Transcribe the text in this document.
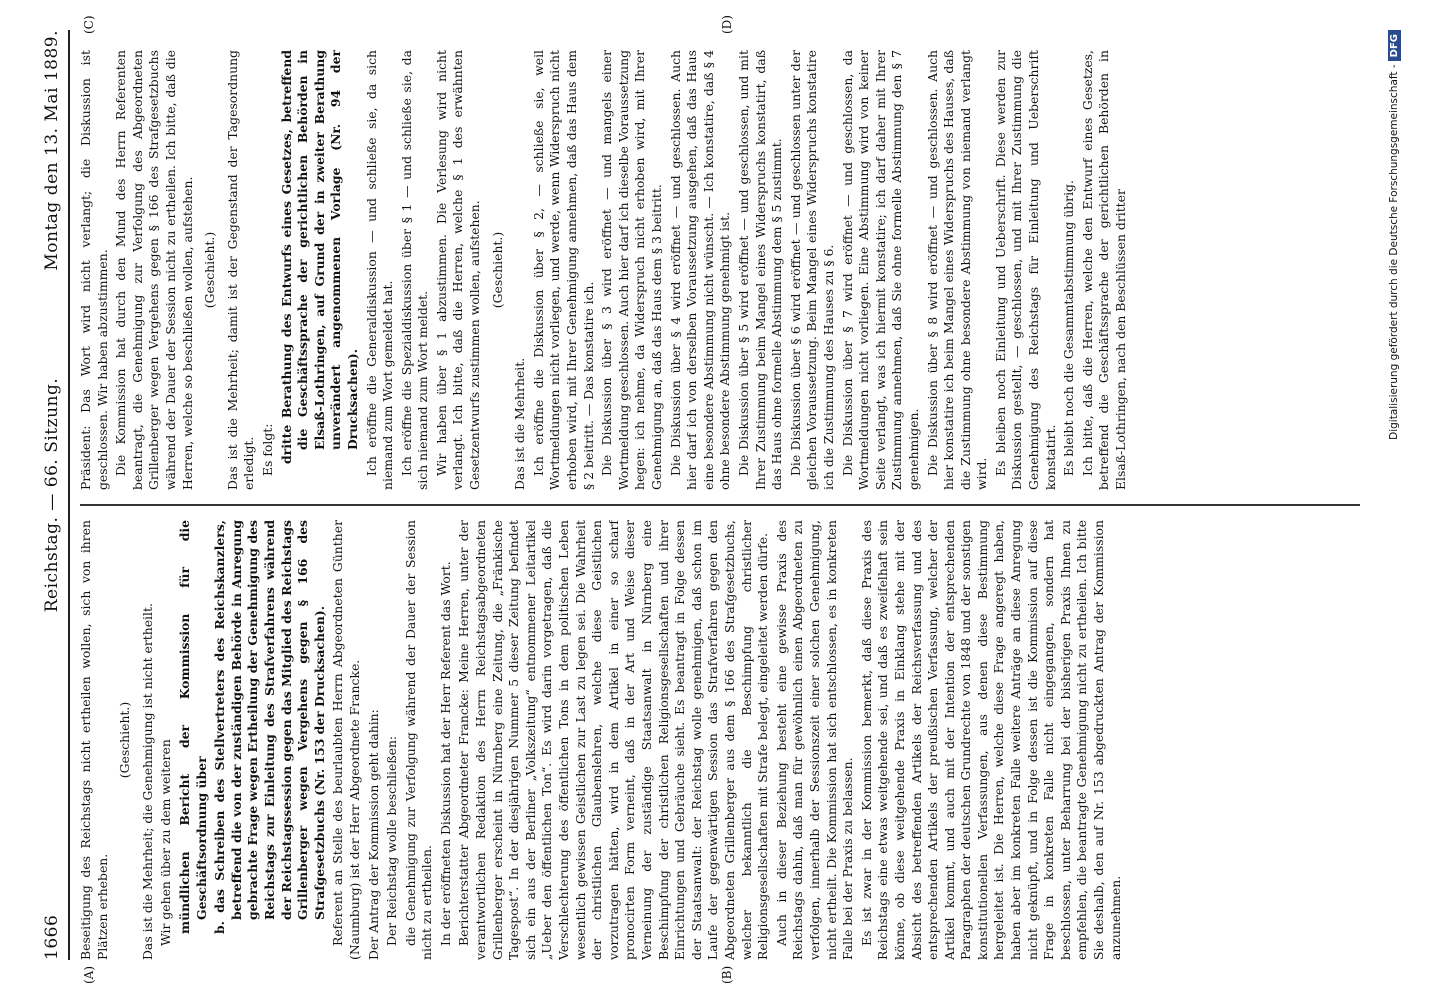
1666
Reichstag. — 66. Sitzung.
Montag den 13. Mai 1889.
(A)	(B)
(C)	(D)

Beseitigung des Reichstags nicht ertheilen wollen, sich von ihren Plätzen erheben.

(Geschieht.) Das ist die Mehrheit; die Genehmigung ist nicht ertheilt. Wir gehen über zu dem weiteren mündlichen Bericht der Kommission für die Geschäftsordnung über b. das Schreiben des Stellvertreters des Reichskanzlers, betreffend die von der zuständigen Behörde in Anregung gebrachte Frage wegen Ertheilung der Genehmigung des Reichstags zur Einleitung des Strafverfahrens während der Reichstagssession gegen das Mitglied des Reichstags Grillenberger wegen Vergehens gegen § 166 des Strafgesetzbuchs (Nr. 153 der Drucksachen). Referent an Stelle des beurlaubten Herrn Abgeordneten Günther (Naumburg) ist der Herr Abgeordnete Francke. Der Antrag der Kommission geht dahin: Der Reichstag wolle beschließen: die Genehmigung zur Verfolgung während der Dauer der Session nicht zu ertheilen. In der eröffneten Diskussion hat der Herr Referent das Wort. Berichterstatter Abgeordneter Francke: Meine Herren, unter der verantwortlichen Redaktion des Herrn Reichstagsabgeordneten Grillenberger erscheint in Nürnberg eine Zeitung, die „Fränkische Tagespost“. In der diesjährigen Nummer 5 dieser Zeitung befindet sich ein aus der Berliner „Volkszeitung“ entnommener Leitartikel „Ueber den öffentlichen Ton“. Es wird darin vorgetragen, daß die Verschlechterung des öffentlichen Tons in dem politischen Leben wesentlich gewissen Geistlichen zur Last zu legen sei. Die Wahrheit der christlichen Glaubenslehren, welche diese Geistlichen vorzutragen hätten, wird in dem Artikel in einer so scharf pronocirten Form verneint, daß in der Art und Weise dieser Verneinung der zuständige Staatsanwalt in Nürnberg eine Beschimpfung der christlichen Religionsgesellschaften und ihrer Einrichtungen und Gebräuche sieht. Es beantragt in Folge dessen der Staatsanwalt: der Reichstag wolle genehmigen, daß schon im Laufe der gegenwärtigen Session das Strafverfahren gegen den Abgeordneten Grillenberger aus dem § 166 des Strafgesetzbuchs, welcher bekanntlich die Beschimpfung christlicher Religionsgesellschaften mit Strafe belegt, eingeleitet werden dürfe. Auch in dieser Beziehung besteht eine gewisse Praxis des Reichstags dahin, daß man für gewöhnlich einen Abgeordneten zu verfolgen, innerhalb der Sessionszeit einer solchen Genehmigung, nicht ertheilt. Die Kommission hat sich entschlossen, es in konkreten Falle bei der Praxis zu belassen. Es ist zwar in der Kommission bemerkt, daß diese Praxis des Reichstags eine etwas weitgehende sei, und daß es zweifelhaft sein könne, ob diese weitgehende Praxis in Einklang stehe mit der Absicht des betreffenden Artikels der Reichsverfassung und des entsprechenden Artikels der preußischen Verfassung, welcher der Artikel kommt, und auch mit der Intention der entsprechenden Paragraphen der deutschen Grundrechte von 1848 und der sonstigen konstitutionellen Verfassungen, aus denen diese Bestimmung hergeleitet ist. Die Herren, welche diese Frage angeregt haben, haben aber im konkreten Falle weitere Anträge an diese Anregung nicht geknüpft, und in Folge dessen ist die Kommission auf diese Frage in konkreten Falle nicht eingegangen, sondern hat beschlossen, unter Beharrung bei der bisherigen Praxis Ihnen zu empfehlen, die beantragte Genehmigung nicht zu ertheilen. Ich bitte Sie deshalb, den auf Nr. 153 abgedruckten Antrag der Kommission anzunehmen.

Präsident: Das Wort wird nicht verlangt; die Diskussion ist geschlossen. Wir haben abzustimmen. Die Kommission hat durch den Mund des Herrn Referenten beantragt, die Genehmigung zur Verfolgung des Abgeordneten Grillenberger wegen Vergehens gegen § 166 des Strafgesetzbuchs während der Dauer der Session nicht zu ertheilen. Ich bitte, daß die Herren, welche so beschließen wollen, aufstehen. (Geschieht.) Das ist die Mehrheit; damit ist der Gegenstand der Tagesordnung erledigt. Es folgt: dritte Berathung des Entwurfs eines Gesetzes, betreffend die Geschäftssprache der gerichtlichen Behörden in Elsaß-Lothringen, auf Grund der in zweiter Berathung unverändert angenommenen Vorlage (Nr. 94 der Drucksachen). Ich eröffne die Generaldiskussion — und schließe sie, da sich niemand zum Wort gemeldet hat. Ich eröffne die Spezialdiskussion über § 1 — und schließe sie, da sich niemand zum Wort meldet. Wir haben über § 1 abzustimmen. Die Verlesung wird nicht verlangt. Ich bitte, daß die Herren, welche § 1 des erwähnten Gesetzentwurfs zustimmen wollen, aufstehen. (Geschieht.)

Das ist die Mehrheit. Ich eröffne die Diskussion über § 2, — schließe sie, weil Wortmeldungen nicht vorliegen, und werde, wenn Widerspruch nicht erhoben wird, mit Ihrer Genehmigung annehmen, daß das Haus dem § 2 beitritt. — Das konstatire ich. Die Diskussion über § 3 wird eröffnet — und mangels einer Wortmeldung geschlossen. Auch hier darf ich dieselbe Voraussetzung hegen: ich nehme, da Widerspruch nicht erhoben wird, mit Ihrer Genehmigung an, daß das Haus dem § 3 beitritt. Die Diskussion über § 4 wird eröffnet — und geschlossen. Auch hier darf ich von derselben Voraussetzung ausgehen, daß das Haus eine besondere Abstimmung nicht wünscht. — Ich konstatire, daß § 4 ohne besondere Abstimmung genehmigt ist. Die Diskussion über § 5 wird eröffnet — und geschlossen, und mit Ihrer Zustimmung beim Mangel eines Widerspruchs konstatirt, daß das Haus ohne formelle Abstimmung dem § 5 zustimmt. Die Diskussion über § 6 wird eröffnet — und geschlossen unter der gleichen Voraussetzung. Beim Mangel eines Widerspruchs konstatire ich die Zustimmung des Hauses zu § 6. Die Diskussion über § 7 wird eröffnet — und geschlossen, da Wortmeldungen nicht vorliegen. Eine Abstimmung wird von keiner Seite verlangt, was ich hiermit konstatire; ich darf daher mit Ihrer Zustimmung annehmen, daß Sie ohne formelle Abstimmung den § 7 genehmigen. Die Diskussion über § 8 wird eröffnet — und geschlossen. Auch hier konstatire ich beim Mangel eines Widerspruchs des Hauses, daß die Zustimmung ohne besondere Abstimmung von niemand verlangt wird. Es bleiben noch Einleitung und Ueberschrift. Diese werden zur Diskussion gestellt, — geschlossen, und mit Ihrer Zustimmung die Genehmigung des Reichstags für Einleitung und Ueberschrift konstatirt. Es bleibt noch die Gesammtabstimmung übrig. Ich bitte, daß die Herren, welche den Entwurf eines Gesetzes, betreffend die Geschäftssprache der gerichtlichen Behörden in Elsaß-Lothringen, nach den Beschlüssen dritter	Digitalisierung gefördert durch die Deutsche Forschungsgemeinschaft -DFG
